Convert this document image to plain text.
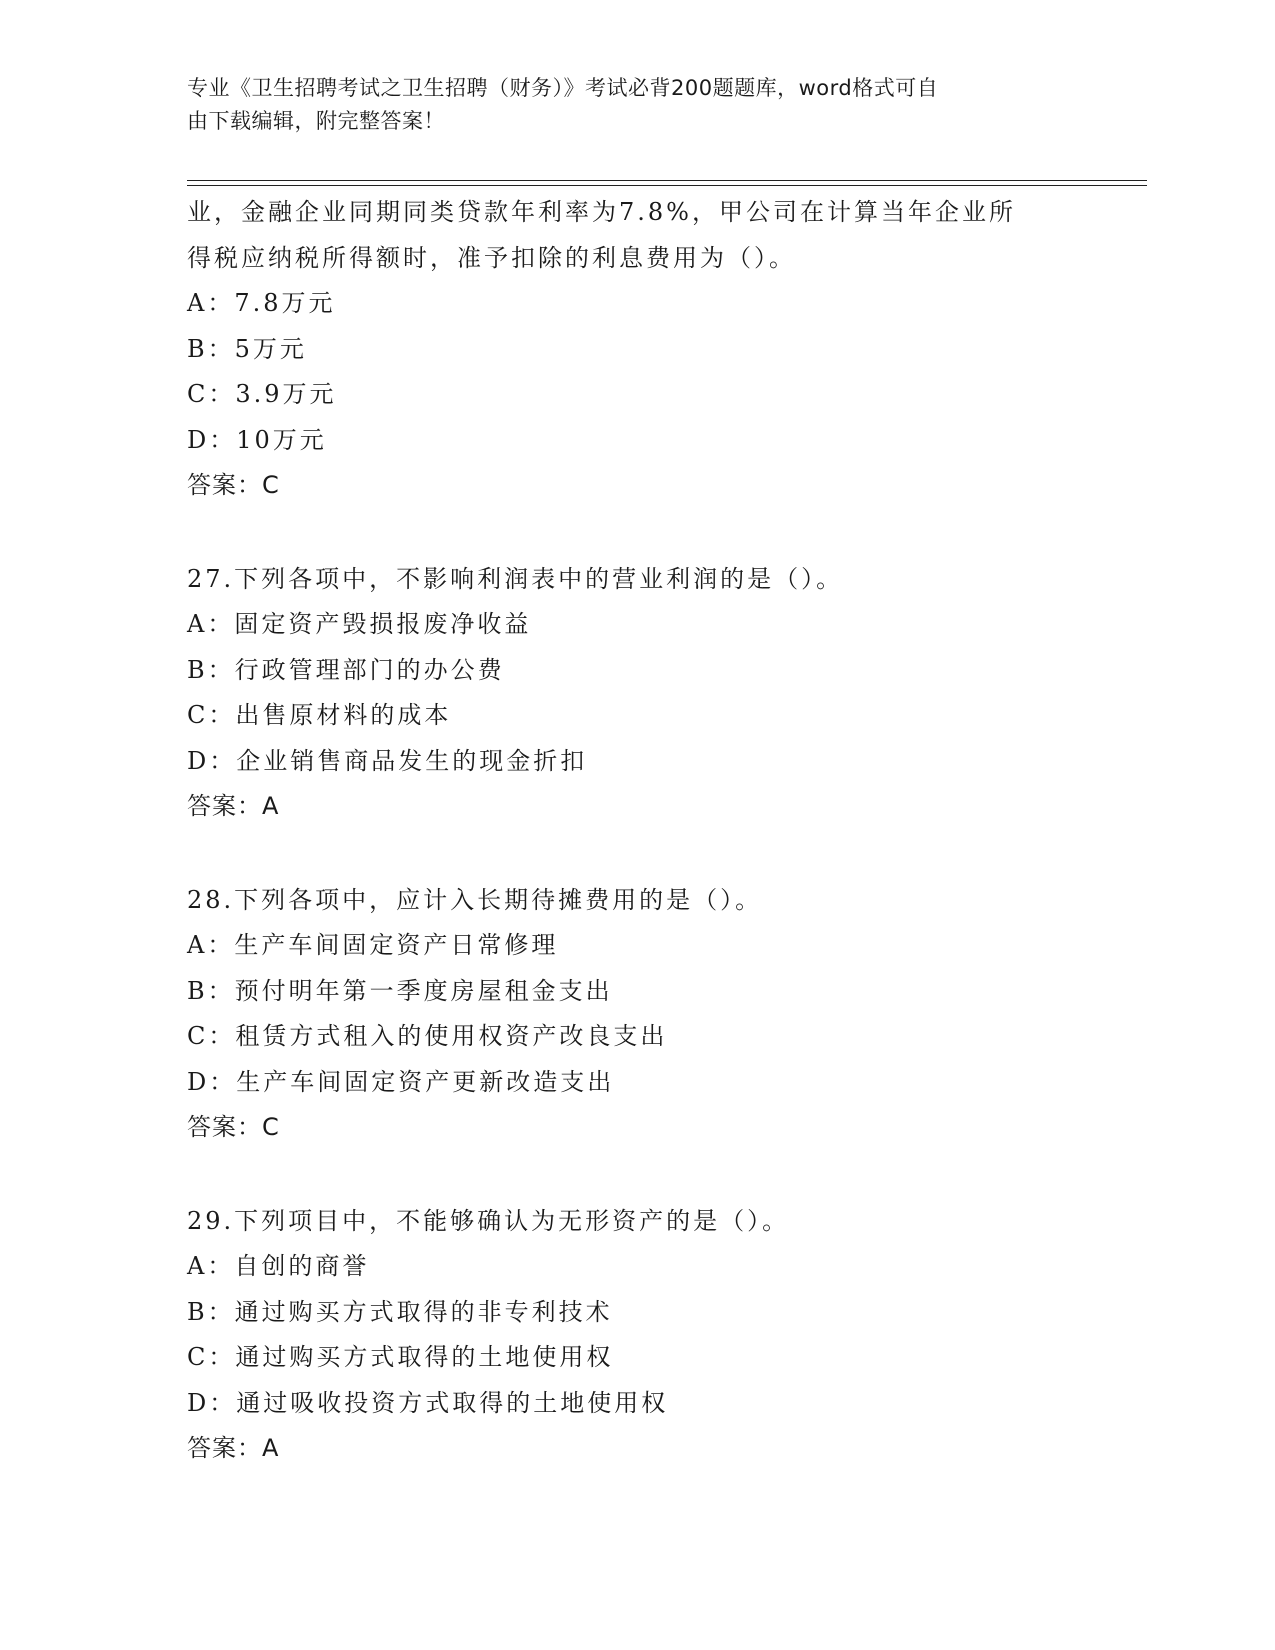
专业《卫生招聘考试之卫生招聘（财务）》考试必背200题题库，word格式可自
由下载编辑，附完整答案！
业，金融企业同期同类贷款年利率为7.8%，甲公司在计算当年企业所
得税应纳税所得额时，准予扣除的利息费用为（）。
A：7.8万元
B：5万元
C：3.9万元
D：10万元
答案：C
27.下列各项中，不影响利润表中的营业利润的是（）。
A：固定资产毁损报废净收益
B：行政管理部门的办公费
C：出售原材料的成本
D：企业销售商品发生的现金折扣
答案：A
28.下列各项中，应计入长期待摊费用的是（）。
A：生产车间固定资产日常修理
B：预付明年第一季度房屋租金支出
C：租赁方式租入的使用权资产改良支出
D：生产车间固定资产更新改造支出
答案：C
29.下列项目中，不能够确认为无形资产的是（）。
A：自创的商誉
B：通过购买方式取得的非专利技术
C：通过购买方式取得的土地使用权
D：通过吸收投资方式取得的土地使用权
答案：A
